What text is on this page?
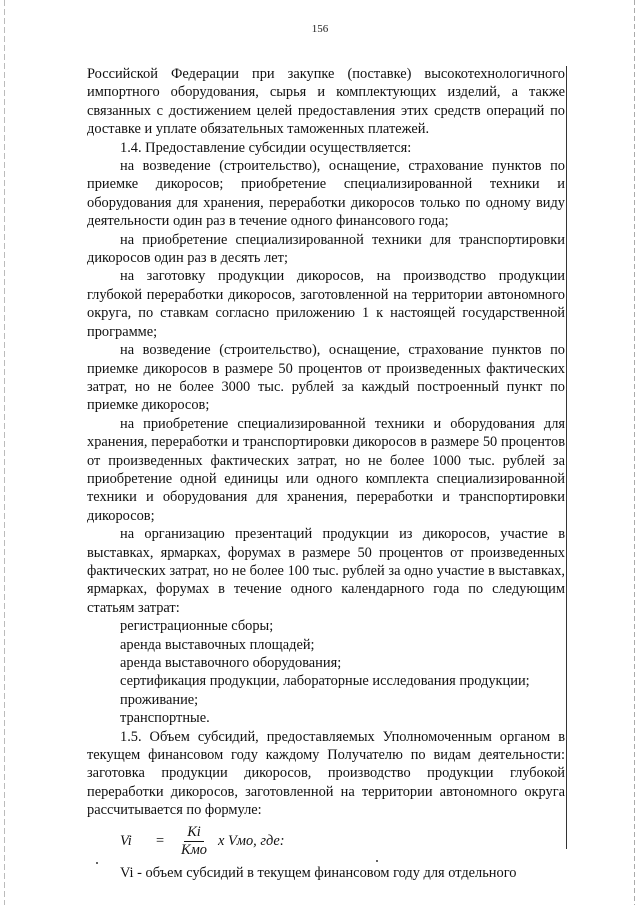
156

Российской Федерации при закупке (поставке) высокотехнологичного импортного оборудования, сырья и комплектующих изделий, а также связанных с достижением целей предоставления этих средств операций по доставке и уплате обязательных таможенных платежей.

1.4. Предоставление субсидии осуществляется:

на возведение (строительство), оснащение, страхование пунктов по приемке дикоросов; приобретение специализированной техники и оборудования для хранения, переработки дикоросов только по одному виду деятельности один раз в течение одного финансового года;

на приобретение специализированной техники для транспортировки дикоросов один раз в десять лет;

на заготовку продукции дикоросов, на производство продукции глубокой переработки дикоросов, заготовленной на территории автономного округа, по ставкам согласно приложению 1 к настоящей государственной программе;

на возведение (строительство), оснащение, страхование пунктов по приемке дикоросов в размере 50 процентов от произведенных фактических затрат, но не более 3000 тыс. рублей за каждый построенный пункт по приемке дикоросов;

на приобретение специализированной техники и оборудования для хранения, переработки и транспортировки дикоросов в размере 50 процентов от произведенных фактических затрат, но не более 1000 тыс. рублей за приобретение одной единицы или одного комплекта специализированной техники и оборудования для хранения, переработки и транспортировки дикоросов;

на организацию презентаций продукции из дикоросов, участие в выставках, ярмарках, форумах в размере 50 процентов от произведенных фактических затрат, но не более 100 тыс. рублей за одно участие в выставках, ярмарках, форумах в течение одного календарного года по следующим статьям затрат:

регистрационные сборы;

аренда выставочных площадей;

аренда выставочного оборудования;

сертификация продукции, лабораторные исследования продукции;

проживание;

транспортные.

1.5. Объем субсидий, предоставляемых Уполномоченным органом в текущем финансовом году каждому Получателю по видам деятельности: заготовка продукции дикоросов, производство продукции глубокой переработки дикоросов, заготовленной на территории автономного округа рассчитывается по формуле:

Vi	= $\frac{Ki}{\text{Kмо}}$ x Vмо, где:

Vi - объем субсидий в текущем финансовом году для отдельного
